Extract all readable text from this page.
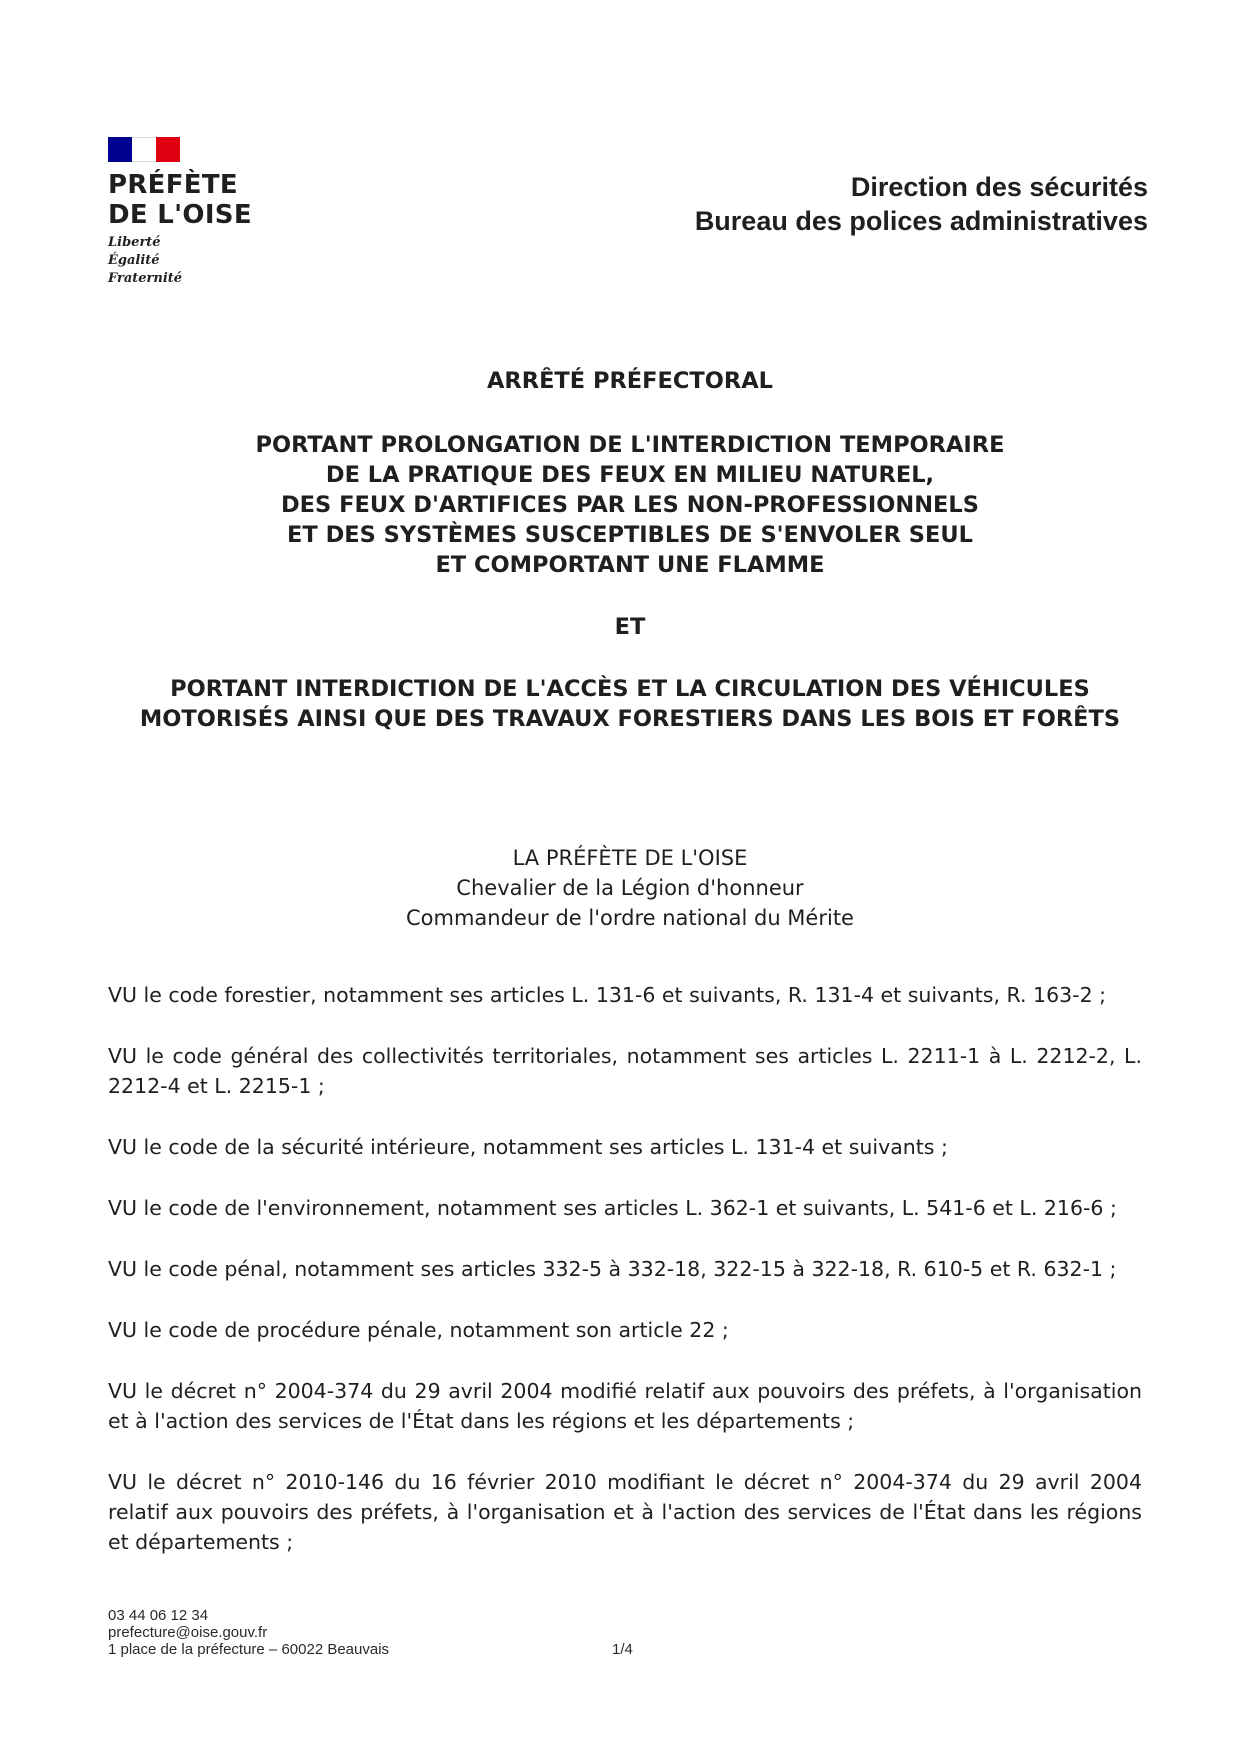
PRÉFÈTE
DE L'OISE
Liberté
Égalité
Fraternité
Direction des sécurités
Bureau des polices administratives
ARRÊTÉ PRÉFECTORAL
PORTANT PROLONGATION DE L'INTERDICTION TEMPORAIRE
DE LA PRATIQUE DES FEUX EN MILIEU NATUREL,
DES FEUX D'ARTIFICES PAR LES NON-PROFESSIONNELS
ET DES SYSTÈMES SUSCEPTIBLES DE S'ENVOLER SEUL
ET COMPORTANT UNE FLAMME
ET
PORTANT INTERDICTION DE L'ACCÈS ET LA CIRCULATION DES VÉHICULES
MOTORISÉS AINSI QUE DES TRAVAUX FORESTIERS DANS LES BOIS ET FORÊTS
LA PRÉFÈTE DE L'OISE
Chevalier de la Légion d'honneur
Commandeur de l'ordre national du Mérite

VU le code forestier, notamment ses articles L. 131-6 et suivants, R. 131-4 et suivants, R. 163-2 ;

VU le code général des collectivités territoriales, notamment ses articles L. 2211-1 à L. 2212-2, L. 2212-4 et L. 2215-1 ;

VU le code de la sécurité intérieure, notamment ses articles L. 131-4 et suivants ;

VU le code de l'environnement, notamment ses articles L. 362-1 et suivants, L. 541-6 et L. 216-6 ;

VU le code pénal, notamment ses articles 332-5 à 332-18, 322-15 à 322-18, R. 610-5 et R. 632-1 ;

VU le code de procédure pénale, notamment son article 22 ;

VU le décret n° 2004-374 du 29 avril 2004 modifié relatif aux pouvoirs des préfets, à l'organisation et à l'action des services de l'État dans les régions et les départements ;

VU le décret n° 2010-146 du 16 février 2010 modifiant le décret n° 2004-374 du 29 avril 2004 relatif aux pouvoirs des préfets, à l'organisation et à l'action des services de l'État dans les régions et départements ;

03 44 06 12 34
prefecture@oise.gouv.fr
1 place de la préfecture – 60022 Beauvais	1/4
